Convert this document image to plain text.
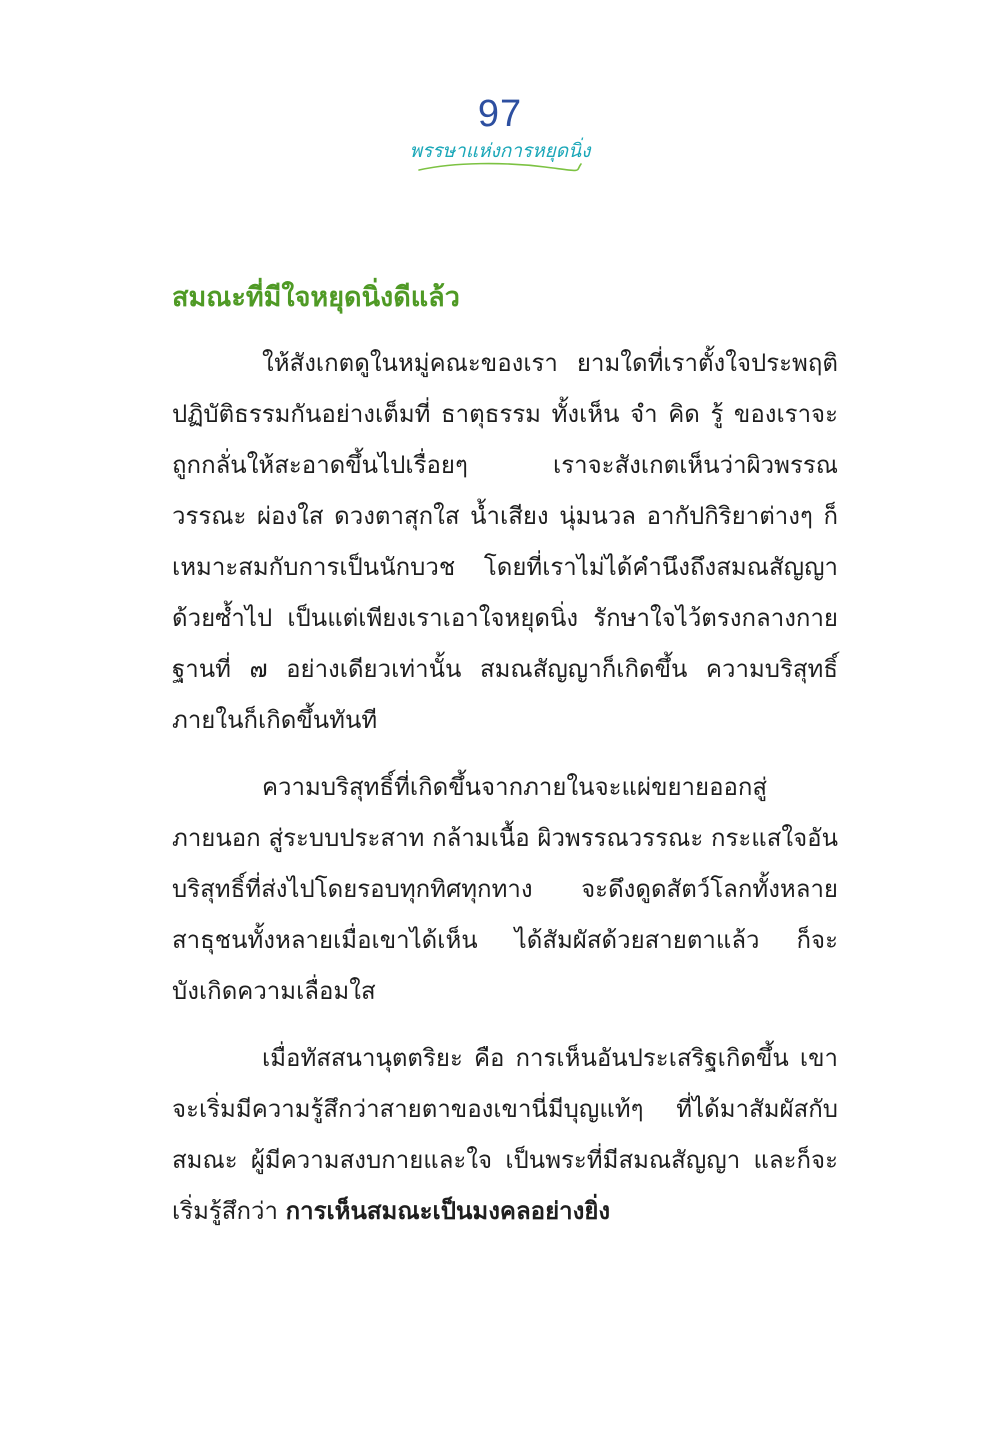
97
พรรษาแห่งการหยุดนิ่ง
สมณะที่มีใจหยุดนิ่งดีแล้ว

ให้สังเกตดูในหมู่คณะของเรา ยามใดที่เราตั้งใจประพฤติปฏิบัติธรรมกันอย่างเต็มที่ ธาตุธรรม ทั้งเห็น จำ คิด รู้ ของเราจะถูกกลั่นให้สะอาดขึ้นไปเรื่อยๆ เราจะสังเกตเห็นว่าผิวพรรณ วรรณะ ผ่องใส ดวงตาสุกใส น้ำเสียง นุ่มนวล อากัปกิริยาต่างๆ ก็เหมาะสมกับการเป็นนักบวช โดยที่เราไม่ได้คำนึงถึงสมณสัญญาด้วยซ้ำไป เป็นแต่เพียงเราเอาใจหยุดนิ่ง รักษาใจไว้ตรงกลางกายฐานที่ ๗ อย่างเดียวเท่านั้น สมณสัญญาก็เกิดขึ้น ความบริสุทธิ์ภายในก็เกิดขึ้นทันที

ความบริสุทธิ์ที่เกิดขึ้นจากภายในจะแผ่ขยายออกสู่ภายนอก สู่ระบบประสาท กล้ามเนื้อ ผิวพรรณวรรณะ กระแสใจอันบริสุทธิ์ที่ส่งไปโดยรอบทุกทิศทุกทาง จะดึงดูดสัตว์โลกทั้งหลาย สาธุชนทั้งหลายเมื่อเขาได้เห็น ได้สัมผัสด้วยสายตาแล้ว ก็จะบังเกิดความเลื่อมใส

เมื่อทัสสนานุตตริยะ คือ การเห็นอันประเสริฐเกิดขึ้น เขาจะเริ่มมีความรู้สึกว่าสายตาของเขานี่มีบุญแท้ๆ ที่ได้มาสัมผัสกับสมณะ ผู้มีความสงบกายและใจ เป็นพระที่มีสมณสัญญา และก็จะเริ่มรู้สึกว่า การเห็นสมณะเป็นมงคลอย่างยิ่ง
